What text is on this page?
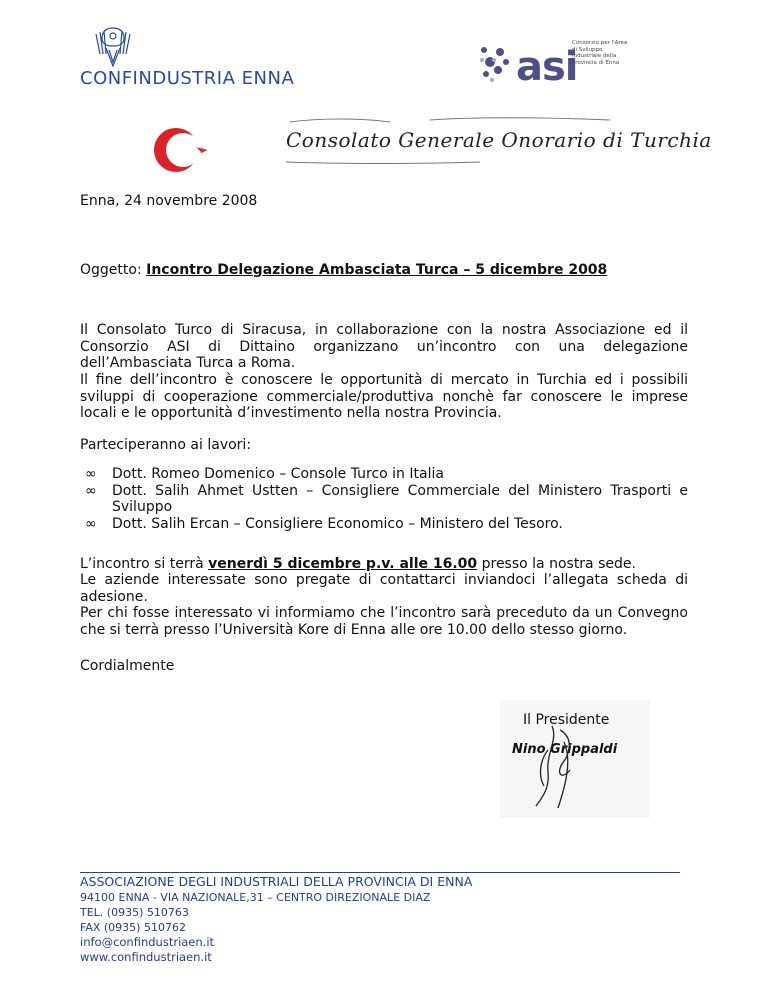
CONFINDUSTRIA ENNA	asi
Consorzio per l'Area di Sviluppo Industriale della Provincia di Enna
Consolato Generale Onorario di Turchia
Enna, 24 novembre 2008
Oggetto: Incontro Delegazione Ambasciata Turca – 5 dicembre 2008
Il Consolato Turco di Siracusa, in collaborazione con la nostra Associazione ed il Consorzio ASI di Dittaino organizzano un’incontro con una delegazione dell’Ambasciata Turca a Roma.
Il fine dell’incontro è conoscere le opportunità di mercato in Turchia ed i possibili sviluppi di cooperazione commerciale/produttiva nonchè far conoscere le imprese locali e le opportunità d’investimento nella nostra Provincia.
Parteciperanno ai lavori:
∞ Dott. Romeo Domenico – Console Turco in Italia
∞ Dott. Salih Ahmet Ustten – Consigliere Commerciale del Ministero Trasporti e Sviluppo
∞ Dott. Salih Ercan – Consigliere Economico – Ministero del Tesoro.
L’incontro si terrà venerdì 5 dicembre p.v. alle 16.00 presso la nostra sede.
Le aziende interessate sono pregate di contattarci inviandoci l’allegata scheda di adesione.
Per chi fosse interessato vi informiamo che l’incontro sarà preceduto da un Convegno che si terrà presso l’Università Kore di Enna alle ore 10.00 dello stesso giorno.
Cordialmente
Il Presidente
Nino Grippaldi
ASSOCIAZIONE DEGLI INDUSTRIALI DELLA PROVINCIA DI ENNA
94100 ENNA - VIA NAZIONALE,31 – CENTRO DIREZIONALE DIAZ
TEL. (0935) 510763
FAX (0935) 510762
info@confindustriaen.it
www.confindustriaen.it
